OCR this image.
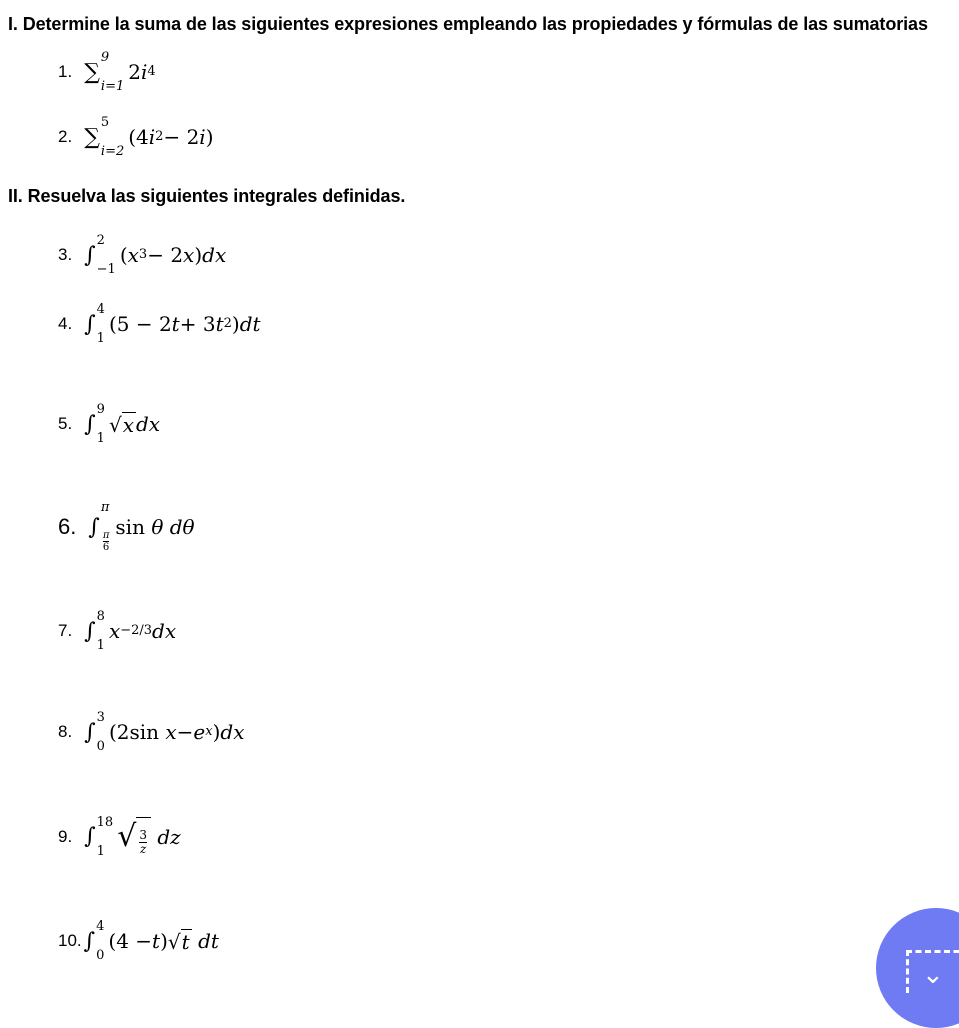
I. Determine la suma de las siguientes expresiones empleando las propiedades y fórmulas de las sumatorias
1. ∑
9
i=1
2 i 4
2. ∑
5
i=2
(4 i 2 − 2 i )
II. Resuelva las siguientes integrales definidas.
3. ∫
2
−1
( x 3 − 2 x ) dx
4. ∫
4
1
(5 − 2 t + 3 t 2 ) dt
5. ∫
9
1
√ x dx
6. ∫
π
$\frac{\pi}{6}$
sin
θ
dθ
7. ∫
8
1
x −2/3 dx
8. ∫
3
0
(2 sin
x − e x ) dx
9. ∫
18
1 √ $\frac{3}{z}$
dz
10. ∫
4
0
(4 − t ) √ t
dt
⌄
